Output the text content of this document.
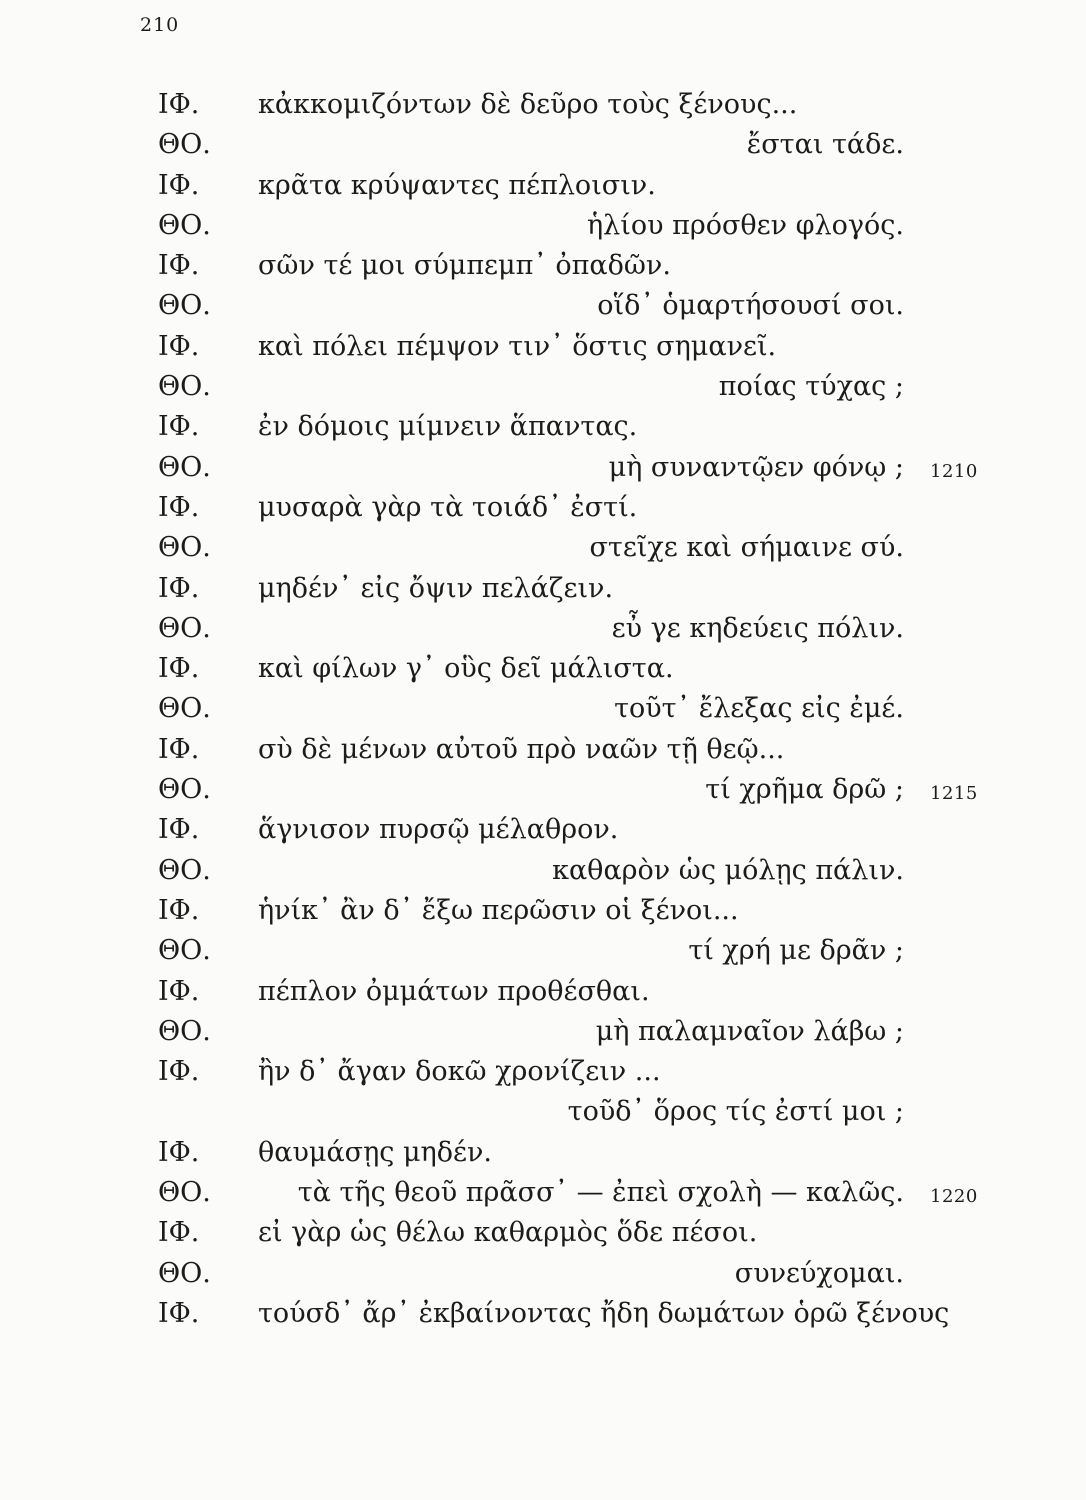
210
ΙΦ. κἀκκομιζόντων δὲ δεῦρο τοὺς ξένους...
ΘΟ.	ἔσται τάδε.
ΙΦ. κρᾶτα κρύψαντες πέπλοισιν.
ΘΟ.	ἡλίου πρόσθεν φλογός.
ΙΦ. σῶν τέ μοι σύμπεμπ᾽ ὀπαδῶν.
ΘΟ.	οἵδ᾽ ὁμαρτήσουσί σοι.
ΙΦ. καὶ πόλει πέμψον τιν᾽ ὅστις σημανεῖ.
ΘΟ.	ποίας τύχας ;
ΙΦ. ἐν δόμοις μίμνειν ἅπαντας.
ΘΟ.	μὴ συναντῷεν φόνῳ ; 1210
ΙΦ. μυσαρὰ γὰρ τὰ τοιάδ᾽ ἐστί.
ΘΟ.	στεῖχε καὶ σήμαινε σύ.
ΙΦ. μηδέν᾽ εἰς ὄψιν πελάζειν.
ΘΟ.	εὖ γε κηδεύεις πόλιν.
ΙΦ. καὶ φίλων γ᾽ οὓς δεῖ μάλιστα.
ΘΟ.	τοῦτ᾽ ἔλεξας εἰς ἐμέ.
ΙΦ. σὺ δὲ μένων αὐτοῦ πρὸ ναῶν τῇ θεῷ...
ΘΟ.	τί χρῆμα δρῶ ; 1215
ΙΦ. ἅγνισον πυρσῷ μέλαθρον.
ΘΟ.	καθαρὸν ὡς μόλῃς πάλιν.
ΙΦ. ἡνίκ᾽ ἂν δ᾽ ἔξω περῶσιν οἱ ξένοι...
ΘΟ.	τί χρή με δρᾶν ;
ΙΦ. πέπλον ὀμμάτων προθέσθαι.
ΘΟ.	μὴ παλαμναῖον λάβω ;
ΙΦ. ἢν δ᾽ ἄγαν δοκῶ χρονίζειν ...
τοῦδ᾽ ὅρος τίς ἐστί μοι ;
ΙΦ. θαυμάσῃς μηδέν.
ΘΟ.	τὰ τῆς θεοῦ πρᾶσσ᾽ — ἐπεὶ σχολὴ — καλῶς. 1220
ΙΦ. εἰ γὰρ ὡς θέλω καθαρμὸς ὅδε πέσοι.
ΘΟ.	συνεύχομαι.
ΙΦ. τούσδ᾽ ἄρ᾽ ἐκβαίνοντας ἤδη δωμάτων ὁρῶ ξένους
